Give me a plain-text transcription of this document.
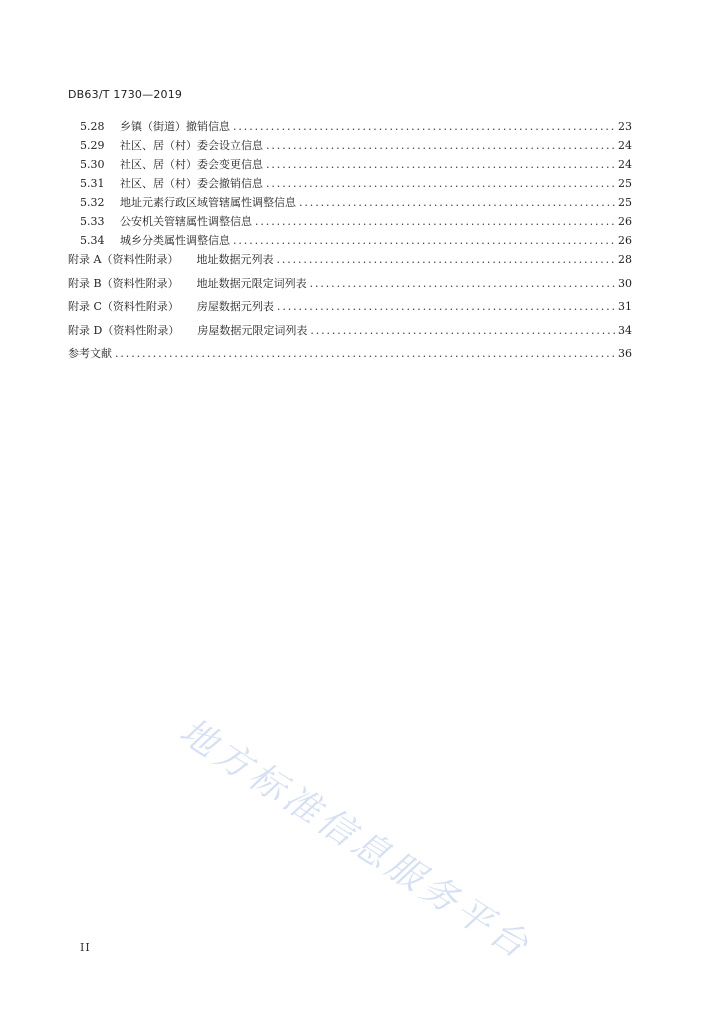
DB63/T 1730—2019
5.28	乡镇（街道）撤销信息 .....	23
5.29	社区、居（村）委会设立信息 .....	24
5.30	社区、居（村）委会变更信息 .....	24
5.31	社区、居（村）委会撤销信息 .....	25
5.32	地址元素行政区域管辖属性调整信息 .....	25
5.33	公安机关管辖属性调整信息 .....	26
5.34	城乡分类属性调整信息 .....	26
附录 A（资料性附录） 地址数据元列表 .....	28
附录 B（资料性附录） 地址数据元限定词列表 .....	30
附录 C（资料性附录） 房屋数据元列表 .....	31
附录 D（资料性附录） 房屋数据元限定词列表 .....	34
参考文献 .....	36
地方标准信息服务平台
II
